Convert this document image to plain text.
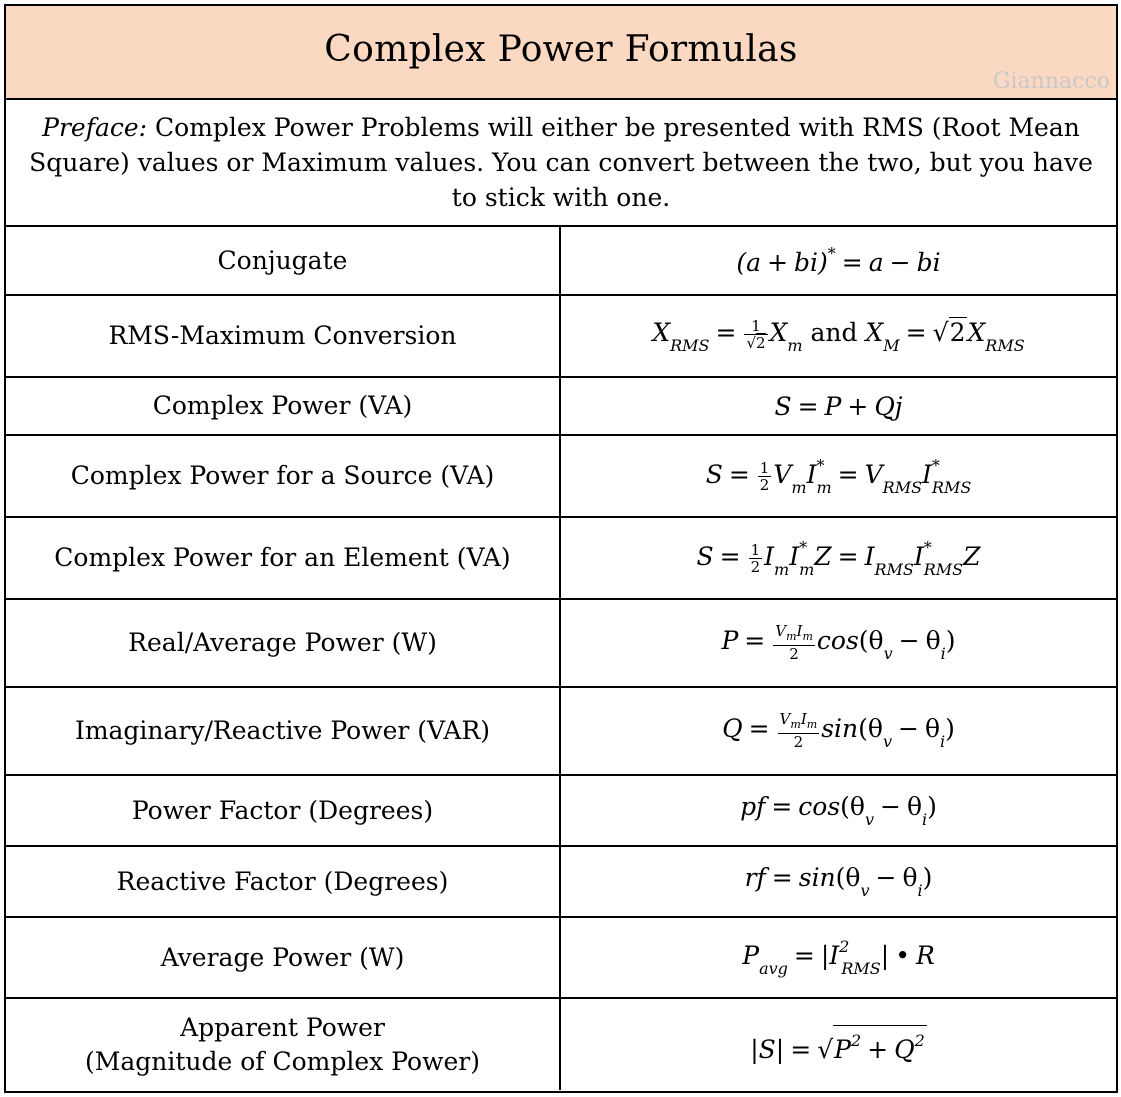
Complex Power Formulas
Giannacco
Preface: Complex Power Problems will either be presented with RMS (Root Mean Square) values or Maximum values. You can convert between the two, but you have to stick with one.
Conjugate	(a + bi)* = a − bi
RMS-Maximum Conversion	$X_{RMS} = \frac{1}{√2} X_m$ and $X_M = √2X_{RMS}$
Complex Power (VA)	S = P + Qj
Complex Power for a Source (VA)	$S = \frac{1}{2} V_mI^*_m = V_{RMS}I^*_{RMS}$
Complex Power for an Element (VA)	$S = \frac{1}{2} I_mI^*_mZ = I_{RMS}I^*_{RMS}Z$
Real/Average Power (W)	$P = \frac{V_mI_m}{2} \cos(\theta_v - \theta_i)$
Imaginary/Reactive Power (VAR)	$Q = \frac{V_mI_m}{2} \sin(\theta_v - \theta_i)$
Power Factor (Degrees)	pf = $\cos(\theta_v - \theta_i)$
Reactive Factor (Degrees)	rf = $\sin(\theta_v - \theta_i)$
Average Power (W)	$P_{avg} = |I^2_{RMS}|$ • R

Apparent Power
(Magnitude of Complex Power)	$|S| = √P^2 + Q^2$
